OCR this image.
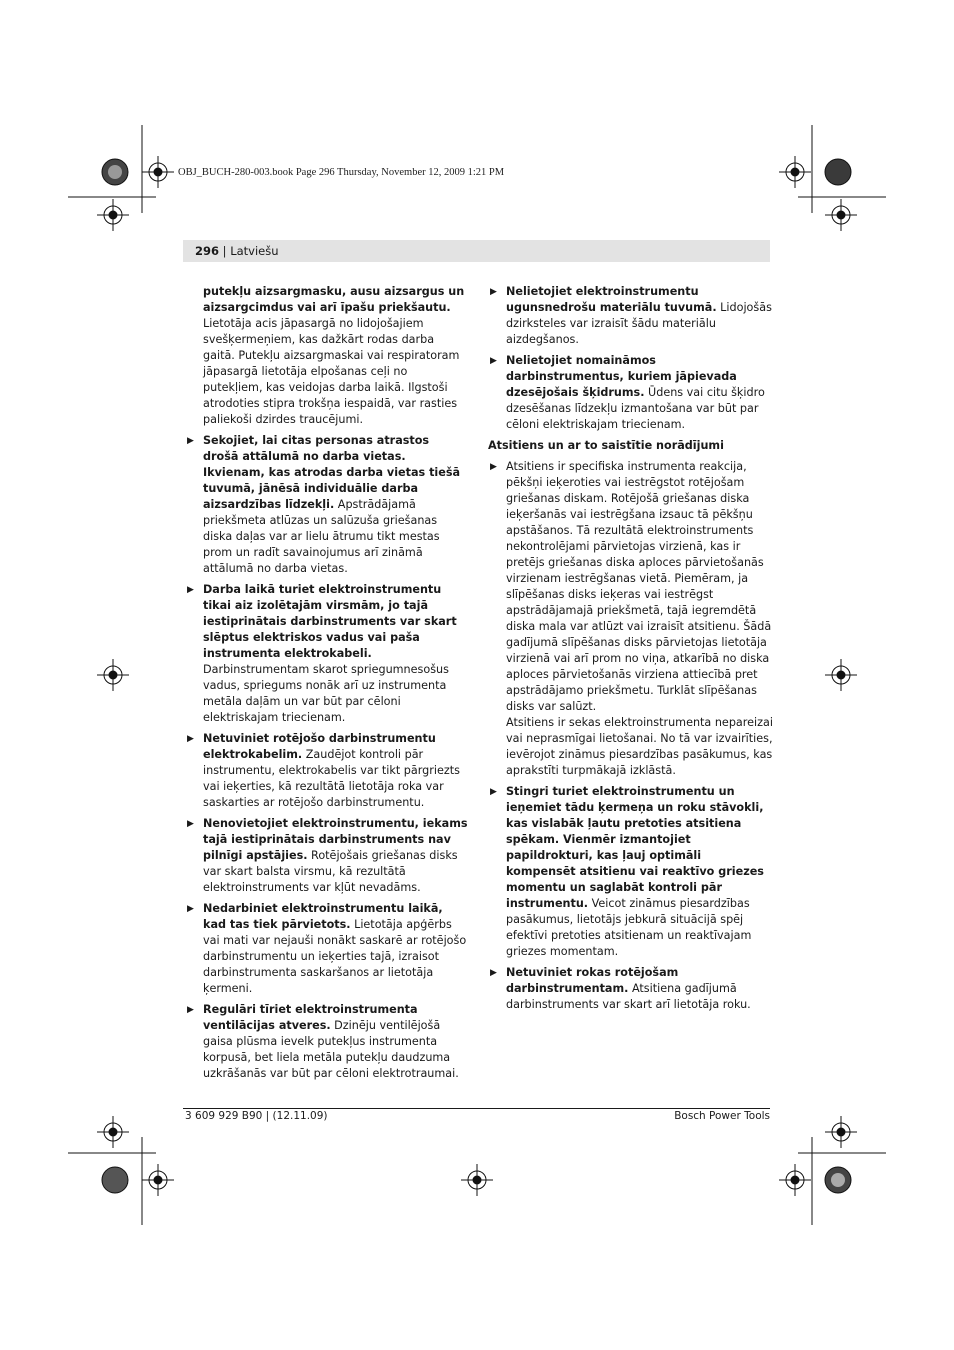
OBJ_BUCH-280-003.book Page 296 Thursday, November 12, 2009 1:21 PM
296 | Latviešu
putekļu aizsargmasku, ausu aizsargus un aizsargcimdus vai arī īpašu priekšautu. Lietotāja acis jāpasargā no lidojošajiem svešķermeņiem, kas dažkārt rodas darba gaitā. Putekļu aizsargmaskai vai respiratoram jāpasargā lietotāja elpošanas ceļi no putekļiem, kas veidojas darba laikā. Ilgstoši atrodoties stipra trokšņa iespaidā, var rasties paliekoši dzirdes traucējumi.
▶ Sekojiet, lai citas personas atrastos drošā attālumā no darba vietas. Ikvienam, kas atrodas darba vietas tiešā tuvumā, jānēsā individuālie darba aizsardzības līdzekļi. Apstrādājamā priekšmeta atlūzas un salūzuša griešanas diska daļas var ar lielu ātrumu tikt mestas prom un radīt savainojumus arī zināmā attālumā no darba vietas.
▶ Darba laikā turiet elektroinstrumentu tikai aiz izolētajām virsmām, jo tajā iestiprinātais darbinstruments var skart slēptus elektriskos vadus vai paša instrumenta elektrokabeli. Darbinstrumentam skarot spriegumnesošus vadus, spriegums nonāk arī uz instrumenta metāla daļām un var būt par cēloni elektriskajam triecienam.
▶ Netuviniet rotējošo darbinstrumentu elektrokabelim. Zaudējot kontroli pār instrumentu, elektrokabelis var tikt pārgriezts vai ieķerties, kā rezultātā lietotāja roka var saskarties ar rotējošo darbinstrumentu.
▶ Nenovietojiet elektroinstrumentu, iekams tajā iestiprinātais darbinstruments nav pilnīgi apstājies. Rotējošais griešanas disks var skart balsta virsmu, kā rezultātā elektroinstruments var kļūt nevadāms.
▶ Nedarbiniet elektroinstrumentu laikā, kad tas tiek pārvietots. Lietotāja apģērbs vai mati var nejauši nonākt saskarē ar rotējošo darbinstrumentu un ieķerties tajā, izraisot darbinstrumenta saskaršanos ar lietotāja ķermeni.
▶ Regulāri tīriet elektroinstrumenta ventilācijas atveres. Dzinēju ventilējošā gaisa plūsma ievelk putekļus instrumenta korpusā, bet liela metāla putekļu daudzuma uzkrāšanās var būt par cēloni elektrotraumai.
▶ Nelietojiet elektroinstrumentu ugunsnedrošu materiālu tuvumā. Lidojošās dzirksteles var izraisīt šādu materiālu aizdegšanos.
▶ Nelietojiet nomaināmos darbinstrumentus, kuriem jāpievada dzesējošais šķidrums. Ūdens vai citu šķidro dzesēšanas līdzekļu izmantošana var būt par cēloni elektriskajam triecienam.
Atsitiens un ar to saistītie norādījumi
▶ Atsitiens ir specifiska instrumenta reakcija, pēkšņi ieķeroties vai iestrēgstot rotējošam griešanas diskam. Rotējošā griešanas diska ieķeršanās vai iestrēgšana izsauc tā pēkšņu apstāšanos. Tā rezultātā elektroinstruments nekontrolējami pārvietojas virzienā, kas ir pretējs griešanas diska aploces pārvietošanās virzienam iestrēgšanas vietā. Piemēram, ja slīpēšanas disks ieķeras vai iestrēgst apstrādājamajā priekšmetā, tajā iegremdētā diska mala var atlūzt vai izraisīt atsitienu. Šādā gadījumā slīpēšanas disks pārvietojas lietotāja virzienā vai arī prom no viņa, atkarībā no diska aploces pārvietošanās virziena attiecībā pret apstrādājamo priekšmetu. Turklāt slīpēšanas disks var salūzt.
Atsitiens ir sekas elektroinstrumenta nepareizai vai neprasmīgai lietošanai. No tā var izvairīties, ievērojot zināmus piesardzības pasākumus, kas aprakstīti turpmākajā izklāstā.
▶ Stingri turiet elektroinstrumentu un ieņemiet tādu ķermeņa un roku stāvokli, kas vislabāk ļautu pretoties atsitiena spēkam. Vienmēr izmantojiet papildrokturi, kas ļauj optimāli kompensēt atsitienu vai reaktīvo griezes momentu un saglabāt kontroli pār instrumentu. Veicot zināmus piesardzības pasākumus, lietotājs jebkurā situācijā spēj efektīvi pretoties atsitienam un reaktīvajam griezes momentam.
▶ Netuviniet rokas rotējošam darbinstrumentam. Atsitiena gadījumā darbinstruments var skart arī lietotāja roku.
3 609 929 B90 | (12.11.09)	Bosch Power Tools
